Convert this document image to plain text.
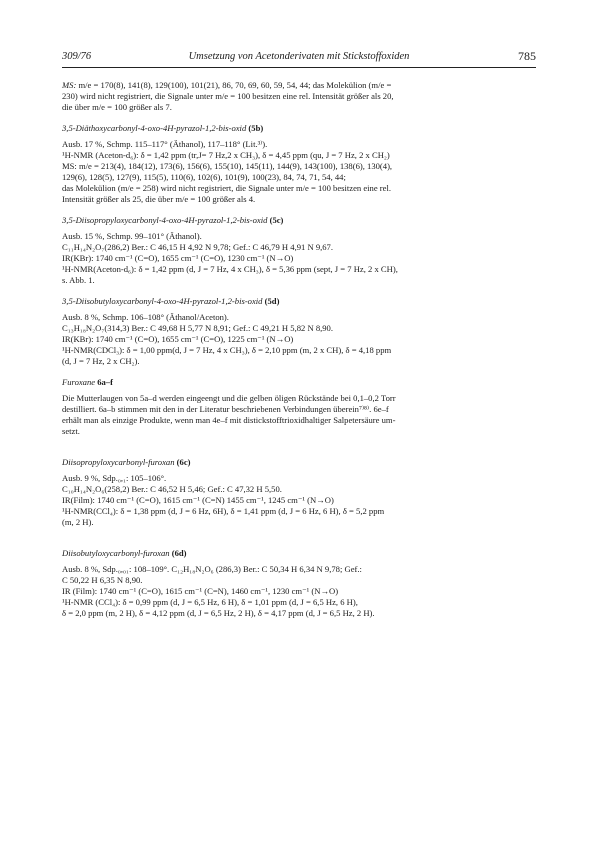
309/76	Umsetzung von Acetonderivaten mit Stickstoffoxiden	785

MS: m/e = 170(8), 141(8), 129(100), 101(21), 86, 70, 69, 60, 59, 54, 44; das Molekülion (m/e =

230) wird nicht registriert, die Signale unter m/e = 100 besitzen eine rel. Intensität größer als 20,

die über m/e = 100 größer als 7.

3,5-Diäthoxycarbonyl-4-oxo-4H-pyrazol-1,2-bis-oxid (5b)

Ausb. 17 %, Schmp. 115–117° (Äthanol), 117–118° (Lit.³⁾).

¹H-NMR (Aceton-d₆): δ = 1,42 ppm (tr,J= 7 Hz,2 x CH₃), δ = 4,45 ppm (qu, J = 7 Hz, 2 x CH₂)

MS: m/e = 213(4), 184(12), 173(6), 156(6), 155(10), 145(11), 144(9), 143(100), 138(6), 130(4),

129(6), 128(5), 127(9), 115(5), 110(6), 102(6), 101(9), 100(23), 84, 74, 71, 54, 44;

das Molekülion (m/e = 258) wird nicht registriert, die Signale unter m/e = 100 besitzen eine rel.

Intensität größer als 25, die über m/e = 100 größer als 4.

3,5-Diisopropyloxycarbonyl-4-oxo-4H-pyrazol-1,2-bis-oxid (5c)

Ausb. 15 %, Schmp. 99–101° (Äthanol).

C₁₁H₁₄N₂O₇(286,2) Ber.: C 46,15 H 4,92 N 9,78; Gef.: C 46,79 H 4,91 N 9,67.

IR(KBr): 1740 cm⁻¹ (C=O), 1655 cm⁻¹ (C=O), 1230 cm⁻¹ (N→O)

¹H-NMR(Aceton-d₆): δ = 1,42 ppm (d, J = 7 Hz, 4 x CH₃), δ = 5,36 ppm (sept, J = 7 Hz, 2 x CH),

s. Abb. 1.

3,5-Diisobutyloxycarbonyl-4-oxo-4H-pyrazol-1,2-bis-oxid (5d)

Ausb. 8 %, Schmp. 106–108° (Äthanol/Aceton).

C₁₃H₁₈N₂O₇(314,3) Ber.: C 49,68 H 5,77 N 8,91; Gef.: C 49,21 H 5,82 N 8,90.

IR(KBr): 1740 cm⁻¹ (C=O), 1655 cm⁻¹ (C=O), 1225 cm⁻¹ (N→O)

¹H-NMR(CDCl₃): δ = 1,00 ppm(d, J = 7 Hz, 4 x CH₃), δ = 2,10 ppm (m, 2 x CH), δ = 4,18 ppm

(d, J = 7 Hz, 2 x CH₂).

Furoxane 6a–f

Die Mutterlaugen von 5a–d werden eingeengt und die gelben öligen Rückstände bei 0,1–0,2 Torr

destilliert. 6a–b stimmen mit den in der Literatur beschriebenen Verbindungen überein⁷⁾⁸⁾. 6e–f

erhält man als einzige Produkte, wenn man 4e–f mit distickstofftrioxidhaltiger Salpetersäure um-

setzt.

Diisopropyloxycarbonyl-furoxan (6c)

Ausb. 9 %, Sdp.₀,₁: 105–106°.

C₁₀H₁₄N₂O₆(258,2) Ber.: C 46,52 H 5,46; Gef.: C 47,32 H 5,50.

IR(Film): 1740 cm⁻¹ (C=O), 1615 cm⁻¹ (C=N) 1455 cm⁻¹, 1245 cm⁻¹ (N→O)

¹H-NMR(CCl₄): δ = 1,38 ppm (d, J = 6 Hz, 6H), δ = 1,41 ppm (d, J = 6 Hz, 6 H), δ = 5,2 ppm

(m, 2 H).

Diisobutyloxycarbonyl-furoxan (6d)

Ausb. 8 %, Sdp.₀,₀₁: 108–109°. C₁₂H₁₈N₂O₆ (286,3) Ber.: C 50,34 H 6,34 N 9,78; Gef.:

C 50,22 H 6,35 N 8,90.

IR (Film): 1740 cm⁻¹ (C=O), 1615 cm⁻¹ (C=N), 1460 cm⁻¹, 1230 cm⁻¹ (N→O)

¹H-NMR (CCl₄): δ = 0,99 ppm (d, J = 6,5 Hz, 6 H), δ = 1,01 ppm (d, J = 6,5 Hz, 6 H),

δ = 2,0 ppm (m, 2 H), δ = 4,12 ppm (d, J = 6,5 Hz, 2 H), δ = 4,17 ppm (d, J = 6,5 Hz, 2 H).
